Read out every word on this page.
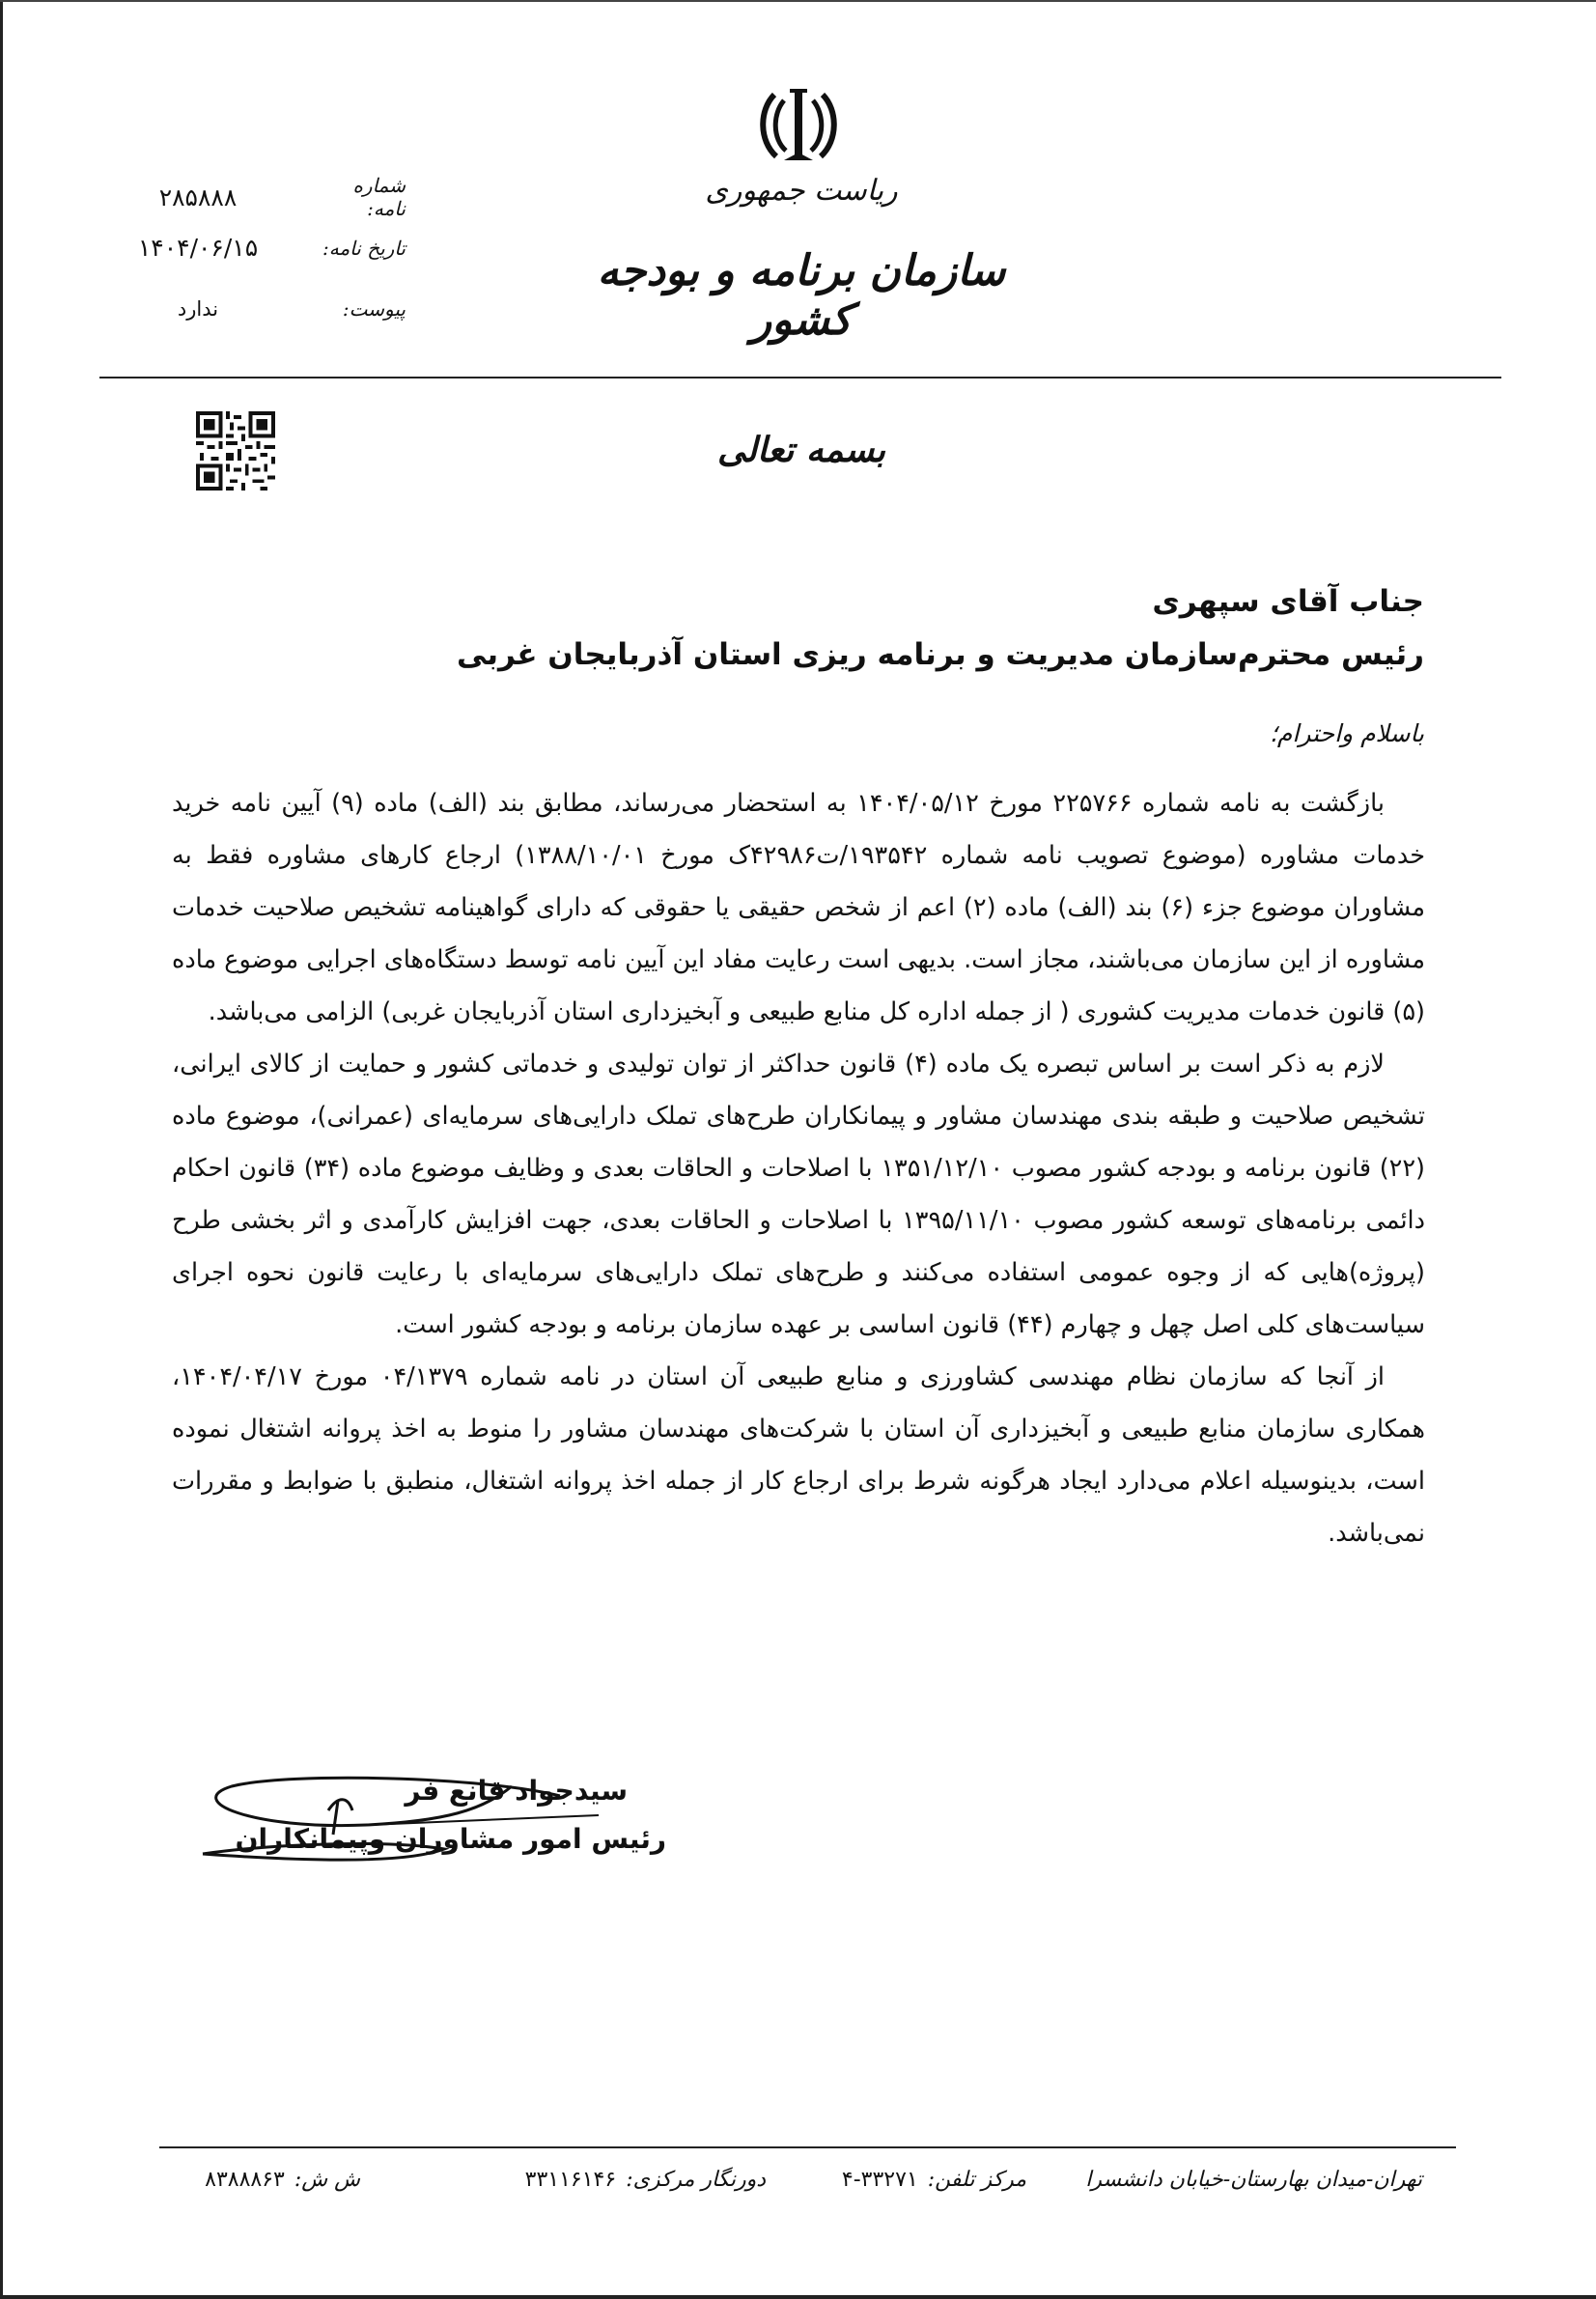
ریاست جمهوری
سازمان برنامه و بودجه کشور
شماره نامه:
۲۸۵۸۸۸
تاریخ نامه:
۱۴۰۴/۰۶/۱۵
پیوست:
ندارد
بسمه تعالی
جناب آقای سپهری
رئیس محترم‌سازمان مدیریت و برنامه ریزی استان آذربایجان غربی
باسلام واحترام؛

بازگشت به نامه شماره ۲۲۵۷۶۶ مورخ ۱۴۰۴/۰۵/۱۲ به استحضار می‌رساند، مطابق بند (الف) ماده (۹) آیین نامه خرید خدمات مشاوره (موضوع تصویب نامه شماره ۱۹۳۵۴۲/ت۴۲۹۸۶ک مورخ ۱۳۸۸/۱۰/۰۱) ارجاع کارهای مشاوره فقط به مشاوران موضوع جزء (۶) بند (الف) ماده (۲) اعم از شخص حقیقی یا حقوقی که دارای گواهینامه تشخیص صلاحیت خدمات مشاوره از این سازمان می‌باشند، مجاز است. بدیهی است رعایت مفاد این آیین نامه توسط دستگاه‌های اجرایی موضوع ماده (۵) قانون خدمات مدیریت کشوری ( از جمله اداره کل منابع طبیعی و آبخیزداری استان آذربایجان غربی) الزامی می‌باشد.

لازم به ذکر است بر اساس تبصره یک ماده (۴) قانون حداکثر از توان تولیدی و خدماتی کشور و حمایت از کالای ایرانی، تشخیص صلاحیت و طبقه بندی مهندسان مشاور و پیمانکاران طرح‌های تملک دارایی‌های سرمایه‌ای (عمرانی)، موضوع ماده (۲۲) قانون برنامه و بودجه کشور مصوب ۱۳۵۱/۱۲/۱۰ با اصلاحات و الحاقات بعدی و وظایف موضوع ماده (۳۴) قانون احکام دائمی برنامه‌های توسعه کشور مصوب ۱۳۹۵/۱۱/۱۰ با اصلاحات و الحاقات بعدی، جهت افزایش کارآمدی و اثر بخشی طرح (پروژه)هایی که از وجوه عمومی استفاده می‌کنند و طرح‌های تملک دارایی‌های سرمایه‌ای با رعایت قانون نحوه اجرای سیاست‌های کلی اصل چهل و چهارم (۴۴) قانون اساسی بر عهده سازمان برنامه و بودجه کشور است.

از آنجا که سازمان نظام مهندسی کشاورزی و منابع طبیعی آن استان در نامه شماره ۰۴/۱۳۷۹ مورخ ۱۴۰۴/۰۴/۱۷، همکاری سازمان منابع طبیعی و آبخیزداری آن استان با شرکت‌های مهندسان مشاور را منوط به اخذ پروانه اشتغال نموده است، بدینوسیله اعلام می‌دارد ایجاد هرگونه شرط برای ارجاع کار از جمله اخذ پروانه اشتغال، منطبق با ضوابط و مقررات نمی‌باشد.

سیدجواد قانع فر
رئیس امور مشاوران وپیمانکاران
تهران-میدان بهارستان-خیابان دانشسرا
مرکز تلفن:
۴-۳۳۲۷۱
دورنگار مرکزی:
۳۳۱۱۶۱۴۶
ش ش:
۸۳۸۸۸۶۳
